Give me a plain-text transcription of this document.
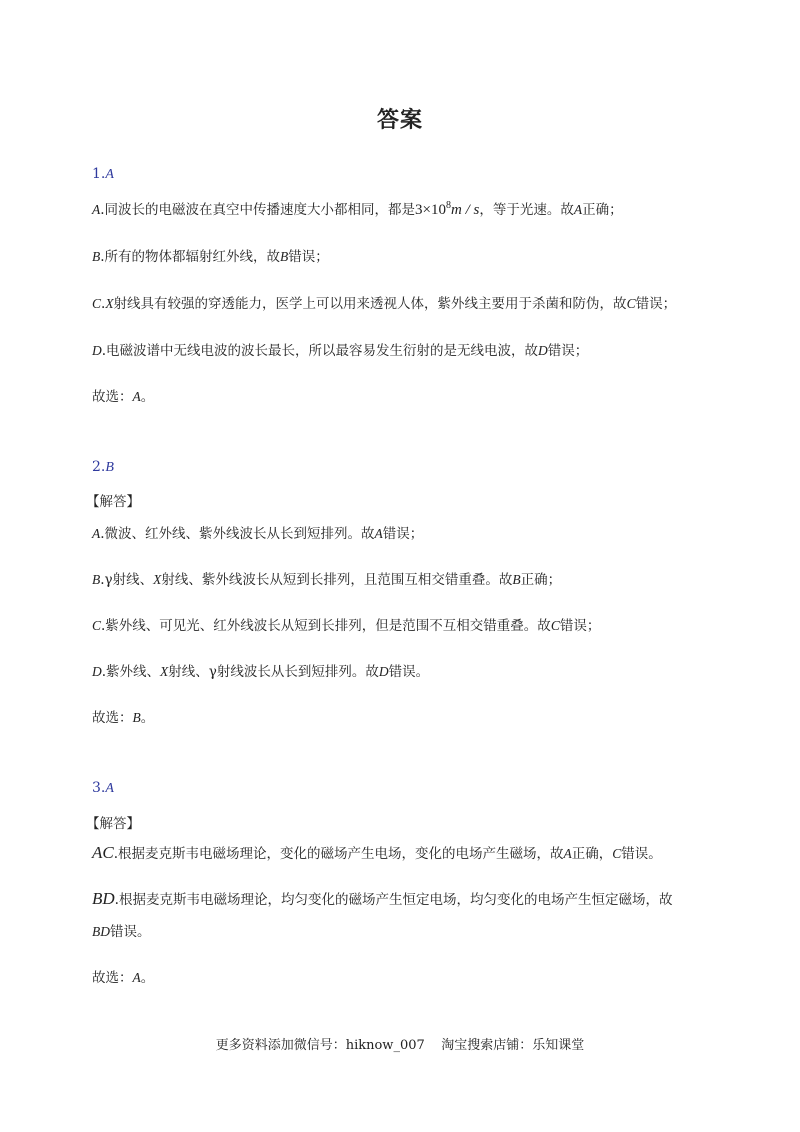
答案
1.A
A.同波长的电磁波在真空中传播速度大小都相同，都是$3\times 10^8m / s$，等于光速。故A正确；
B.所有的物体都辐射红外线，故B错误；
C.X射线具有较强的穿透能力，医学上可以用来透视人体，紫外线主要用于杀菌和防伪，故C错误；
D.电磁波谱中无线电波的波长最长，所以最容易发生衍射的是无线电波，故D错误；
故选：A。
2.B
【解答】
A.微波、红外线、紫外线波长从长到短排列。故A错误；
B.γ射线、X射线、紫外线波长从短到长排列，且范围互相交错重叠。故B正确；
C.紫外线、可见光、红外线波长从短到长排列，但是范围不互相交错重叠。故C错误；
D.紫外线、X射线、γ射线波长从长到短排列。故D错误。
故选：B。
3.A
【解答】
AC.根据麦克斯韦电磁场理论，变化的磁场产生电场，变化的电场产生磁场，故A正确，C错误。
BD.根据麦克斯韦电磁场理论，均匀变化的磁场产生恒定电场，均匀变化的电场产生恒定磁场，故
BD错误。
故选：A。
更多资料添加微信号：hiknow_007    淘宝搜索店铺：乐知课堂
